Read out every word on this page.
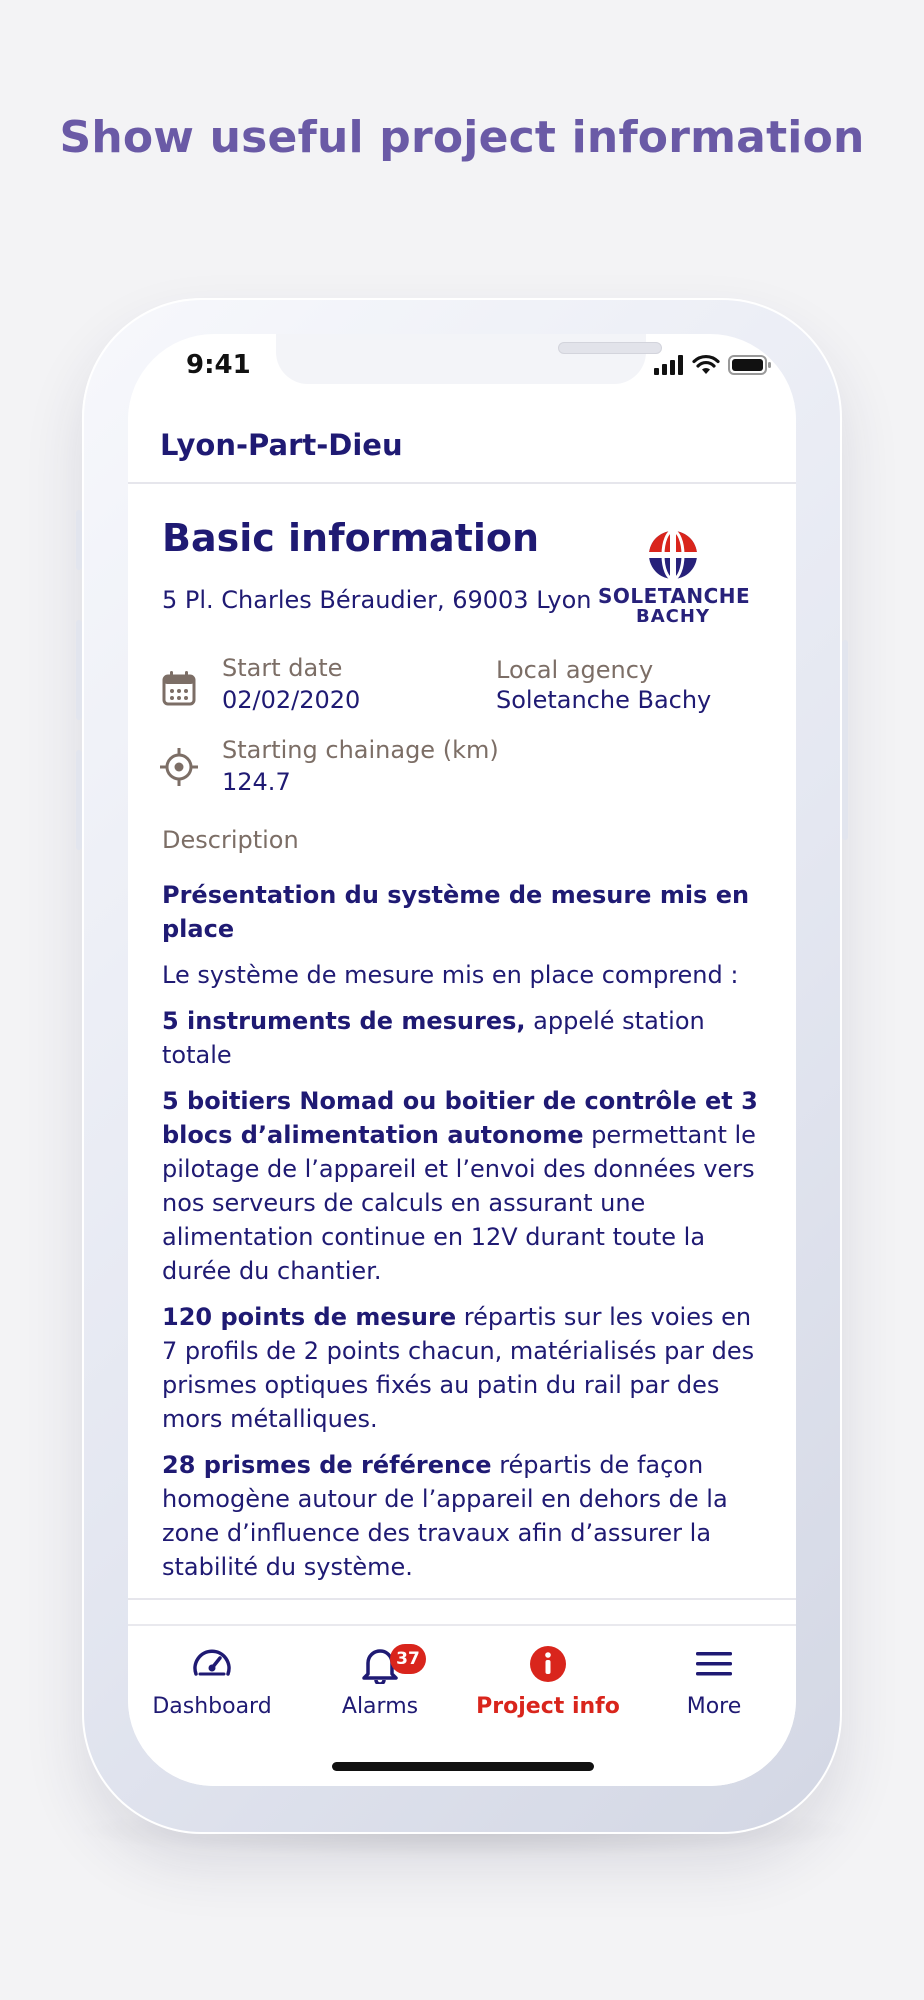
Show useful project information
9:41
Lyon-Part-Dieu
Basic information
5 Pl. Charles Béraudier, 69003 Lyon SOLETANCHE
BACHY
Start date
02/02/2020
Local agency
Soletanche Bachy
Starting chainage (km)
124.7
Description

Présentation du système de mesure mis en place

Le système de mesure mis en place comprend :

5 instruments de mesures, appelé station totale

5 boitiers Nomad ou boitier de contrôle et 3 blocs d’alimentation autonome permettant le pilotage de l’appareil et l’envoi des données vers nos serveurs de calculs en assurant une alimentation continue en 12V durant toute la durée du chantier.

120 points de mesure répartis sur les voies en 7 profils de 2 points chacun, matérialisés par des prismes optiques fixés au patin du rail par des mors métalliques.

28 prismes de référence répartis de façon homogène autour de l’appareil en dehors de la zone d’influence des travaux afin d’assurer la stabilité du système.

Dashboard
37
Alarms	Project info	More
